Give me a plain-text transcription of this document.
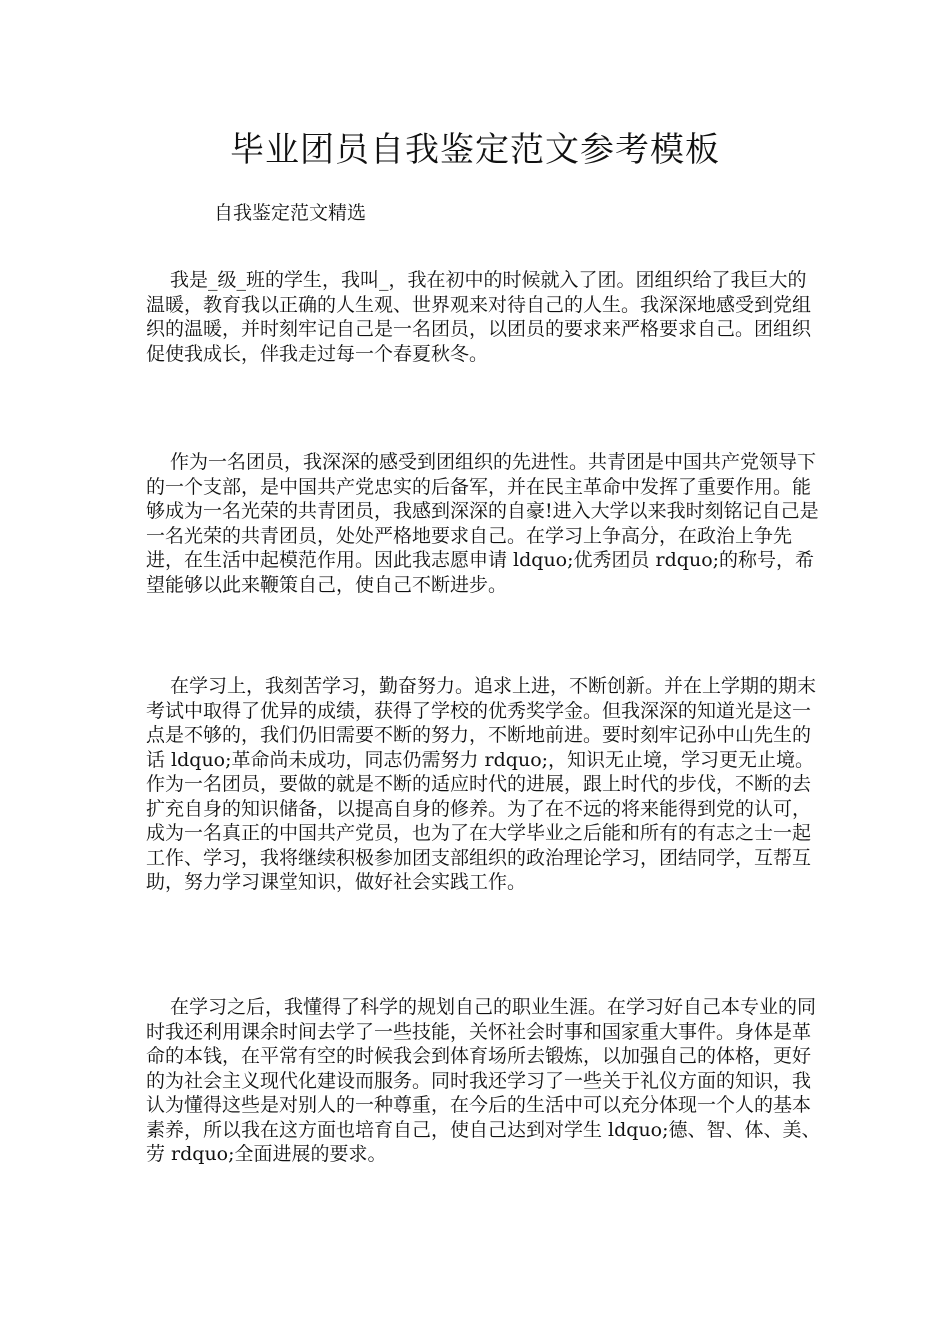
毕业团员自我鉴定范文参考模板

自我鉴定范文精选

我是_级_班的学生，我叫_，我在初中的时候就入了团。团组织给了我巨大的温暖，教育我以正确的人生观、世界观来对待自己的人生。我深深地感受到党组织的温暖，并时刻牢记自己是一名团员，以团员的要求来严格要求自己。团组织促使我成长，伴我走过每一个春夏秋冬。

作为一名团员，我深深的感受到团组织的先进性。共青团是中国共产党领导下的一个支部，是中国共产党忠实的后备军，并在民主革命中发挥了重要作用。能够成为一名光荣的共青团员，我感到深深的自豪!进入大学以来我时刻铭记自己是一名光荣的共青团员，处处严格地要求自己。在学习上争高分，在政治上争先进，在生活中起模范作用。因此我志愿申请 ldquo;优秀团员 rdquo;的称号，希望能够以此来鞭策自己，使自己不断进步。

在学习上，我刻苦学习，勤奋努力。追求上进，不断创新。并在上学期的期末考试中取得了优异的成绩，获得了学校的优秀奖学金。但我深深的知道光是这一点是不够的，我们仍旧需要不断的努力，不断地前进。要时刻牢记孙中山先生的话 ldquo;革命尚未成功，同志仍需努力 rdquo;，知识无止境，学习更无止境。作为一名团员，要做的就是不断的适应时代的进展，跟上时代的步伐，不断的去扩充自身的知识储备，以提高自身的修养。为了在不远的将来能得到党的认可，成为一名真正的中国共产党员，也为了在大学毕业之后能和所有的有志之士一起工作、学习，我将继续积极参加团支部组织的政治理论学习，团结同学，互帮互助，努力学习课堂知识，做好社会实践工作。

在学习之后，我懂得了科学的规划自己的职业生涯。在学习好自己本专业的同时我还利用课余时间去学了一些技能，关怀社会时事和国家重大事件。身体是革命的本钱，在平常有空的时候我会到体育场所去锻炼，以加强自己的体格，更好的为社会主义现代化建设而服务。同时我还学习了一些关于礼仪方面的知识，我认为懂得这些是对别人的一种尊重，在今后的生活中可以充分体现一个人的基本素养，所以我在这方面也培育自己，使自己达到对学生 ldquo;德、智、体、美、劳 rdquo;全面进展的要求。
